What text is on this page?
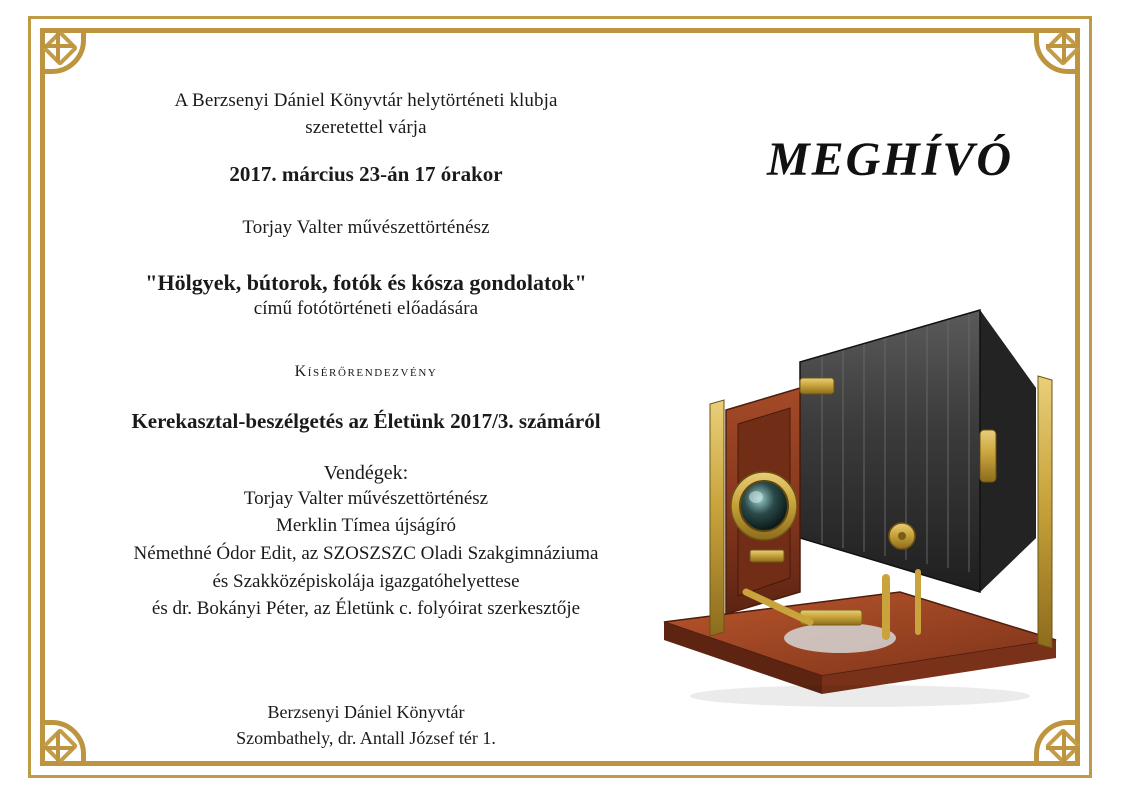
MEGHÍVÓ
A Berzsenyi Dániel Könyvtár helytörténeti klubja
szeretettel várja
2017. március 23-án 17 órakor
Torjay Valter művészettörténész
"Hölgyek, bútorok, fotók és kósza gondolatok"
című fotótörténeti előadására
Kísérőrendezvény
Kerekasztal-beszélgetés az Életünk 2017/3. számáról
Vendégek:
Torjay Valter művészettörténész
Merklin Tímea újságíró
Némethné Ódor Edit, az SZOSZSZC Oladi Szakgimnáziuma
és Szakközépiskolája igazgatóhelyettese
és dr. Bokányi Péter, az Életünk c. folyóirat szerkesztője
Berzsenyi Dániel Könyvtár
Szombathely, dr. Antall József tér 1.
